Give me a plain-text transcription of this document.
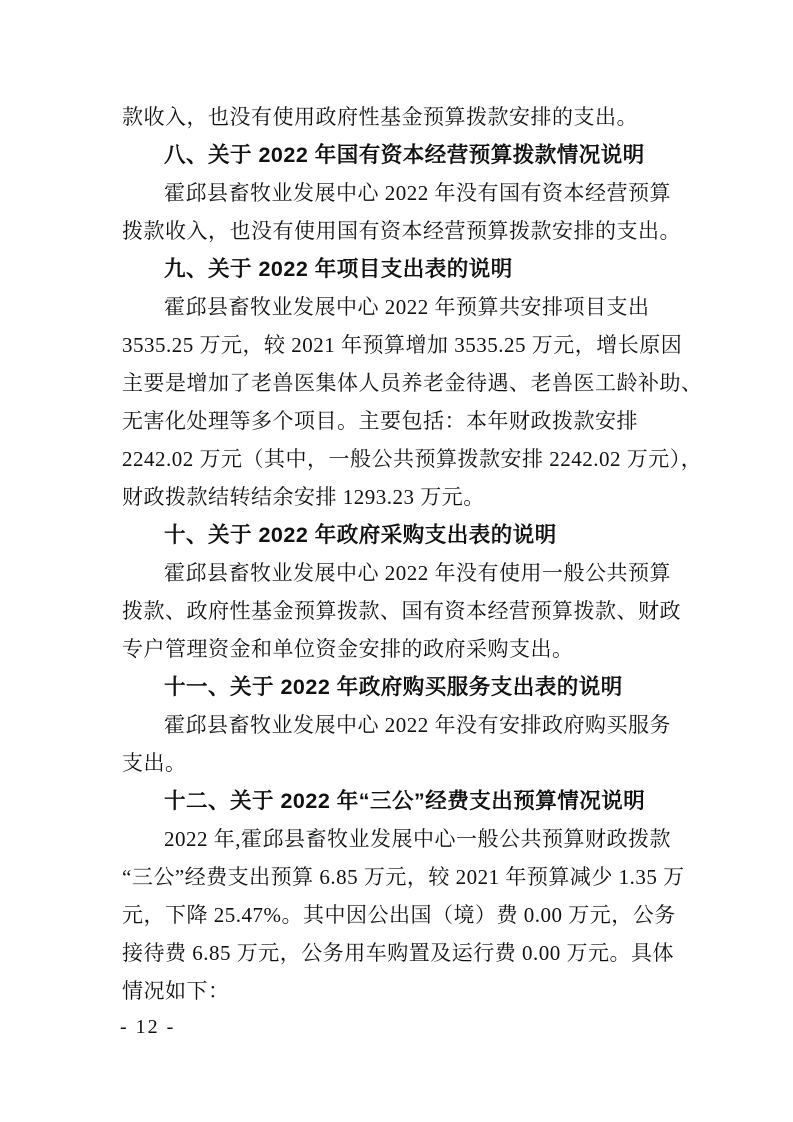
款收入，也没有使用政府性基金预算拨款安排的支出。
八、关于 2022 年国有资本经营预算拨款情况说明
霍邱县畜牧业发展中心 2022 年没有国有资本经营预算
拨款收入，也没有使用国有资本经营预算拨款安排的支出。
九、关于 2022 年项目支出表的说明
霍邱县畜牧业发展中心 2022 年预算共安排项目支出
3535.25 万元，较 2021 年预算增加 3535.25 万元，增长原因
主要是增加了老兽医集体人员养老金待遇、老兽医工龄补助、
无害化处理等多个项目。主要包括：本年财政拨款安排
2242.02 万元（其中，一般公共预算拨款安排 2242.02 万元），
财政拨款结转结余安排 1293.23 万元。
十、关于 2022 年政府采购支出表的说明
霍邱县畜牧业发展中心 2022 年没有使用一般公共预算
拨款、政府性基金预算拨款、国有资本经营预算拨款、财政
专户管理资金和单位资金安排的政府采购支出。
十一、关于 2022 年政府购买服务支出表的说明
霍邱县畜牧业发展中心 2022 年没有安排政府购买服务
支出。
十二、关于 2022 年“三公”经费支出预算情况说明
2022 年,霍邱县畜牧业发展中心一般公共预算财政拨款
“三公”经费支出预算 6.85 万元，较 2021 年预算减少 1.35 万
元，下降 25.47%。其中因公出国（境）费 0.00 万元，公务
接待费 6.85 万元，公务用车购置及运行费 0.00 万元。具体
情况如下：
- 12 -
